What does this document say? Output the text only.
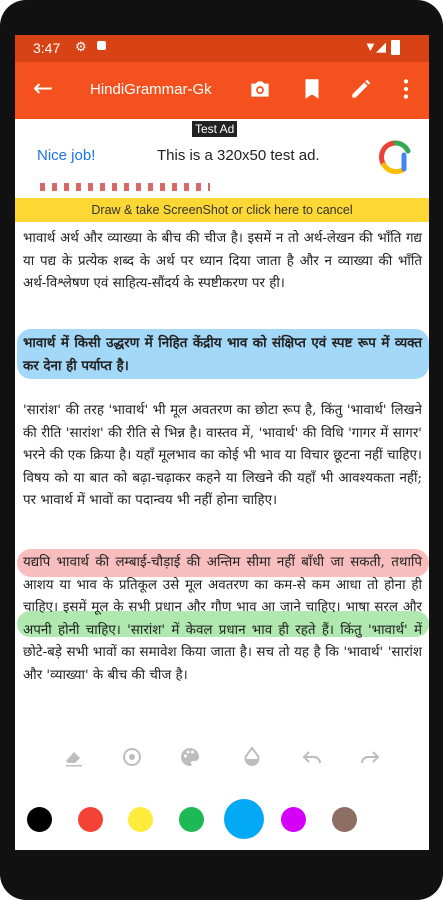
3:47 ⚙	▼ ◢
← HindiGrammar-Gk
Test Ad
Nice job!	This is a 320x50 test ad.
Draw & take ScreenShot or click here to cancel
भावार्थ अर्थ और व्याख्या के बीच की चीज है। इसमें न तो अर्थ-लेखन की भाँति गद्य या पद्य के प्रत्येक शब्द के अर्थ पर ध्यान दिया जाता है और न व्याख्या की भाँति अर्थ-विश्लेषण एवं साहित्य-सौंदर्य के स्पष्टीकरण पर ही।
भावार्थ में किसी उद्धरण में निहित केंद्रीय भाव को संक्षिप्त एवं स्पष्ट रूप में व्यक्त कर देना ही पर्याप्त है।
'सारांश' की तरह 'भावार्थ' भी मूल अवतरण का छोटा रूप है, किंतु 'भावार्थ' लिखने की रीति 'सारांश' की रीति से भिन्न है। वास्तव में, 'भावार्थ' की विधि 'गागर में सागर' भरने की एक क्रिया है। यहाँ मूलभाव का कोई भी भाव या विचार छूटना नहीं चाहिए। विषय को या बात को बढ़ा-चढ़ाकर कहने या लिखने की यहाँ भी आवश्यकता नहीं; पर भावार्थ में भावों का पदान्वय भी नहीं होना चाहिए।
यद्यपि भावार्थ की लम्बाई-चौड़ाई की अन्तिम सीमा नहीं बाँधी जा सकती, तथापि आशय या भाव के प्रतिकूल उसे मूल अवतरण का कम-से कम आधा तो होना ही चाहिए। इसमें मूल के सभी प्रधान और गौण भाव आ जाने चाहिए। भाषा सरल और अपनी होनी चाहिए। 'सारांश' में केवल प्रधान भाव ही रहते हैं। किंतु 'भावार्थ' में छोटे-बड़े सभी भावों का समावेश किया जाता है। सच तो यह है कि 'भावार्थ' 'सारांश और 'व्याख्या' के बीच की चीज है।
